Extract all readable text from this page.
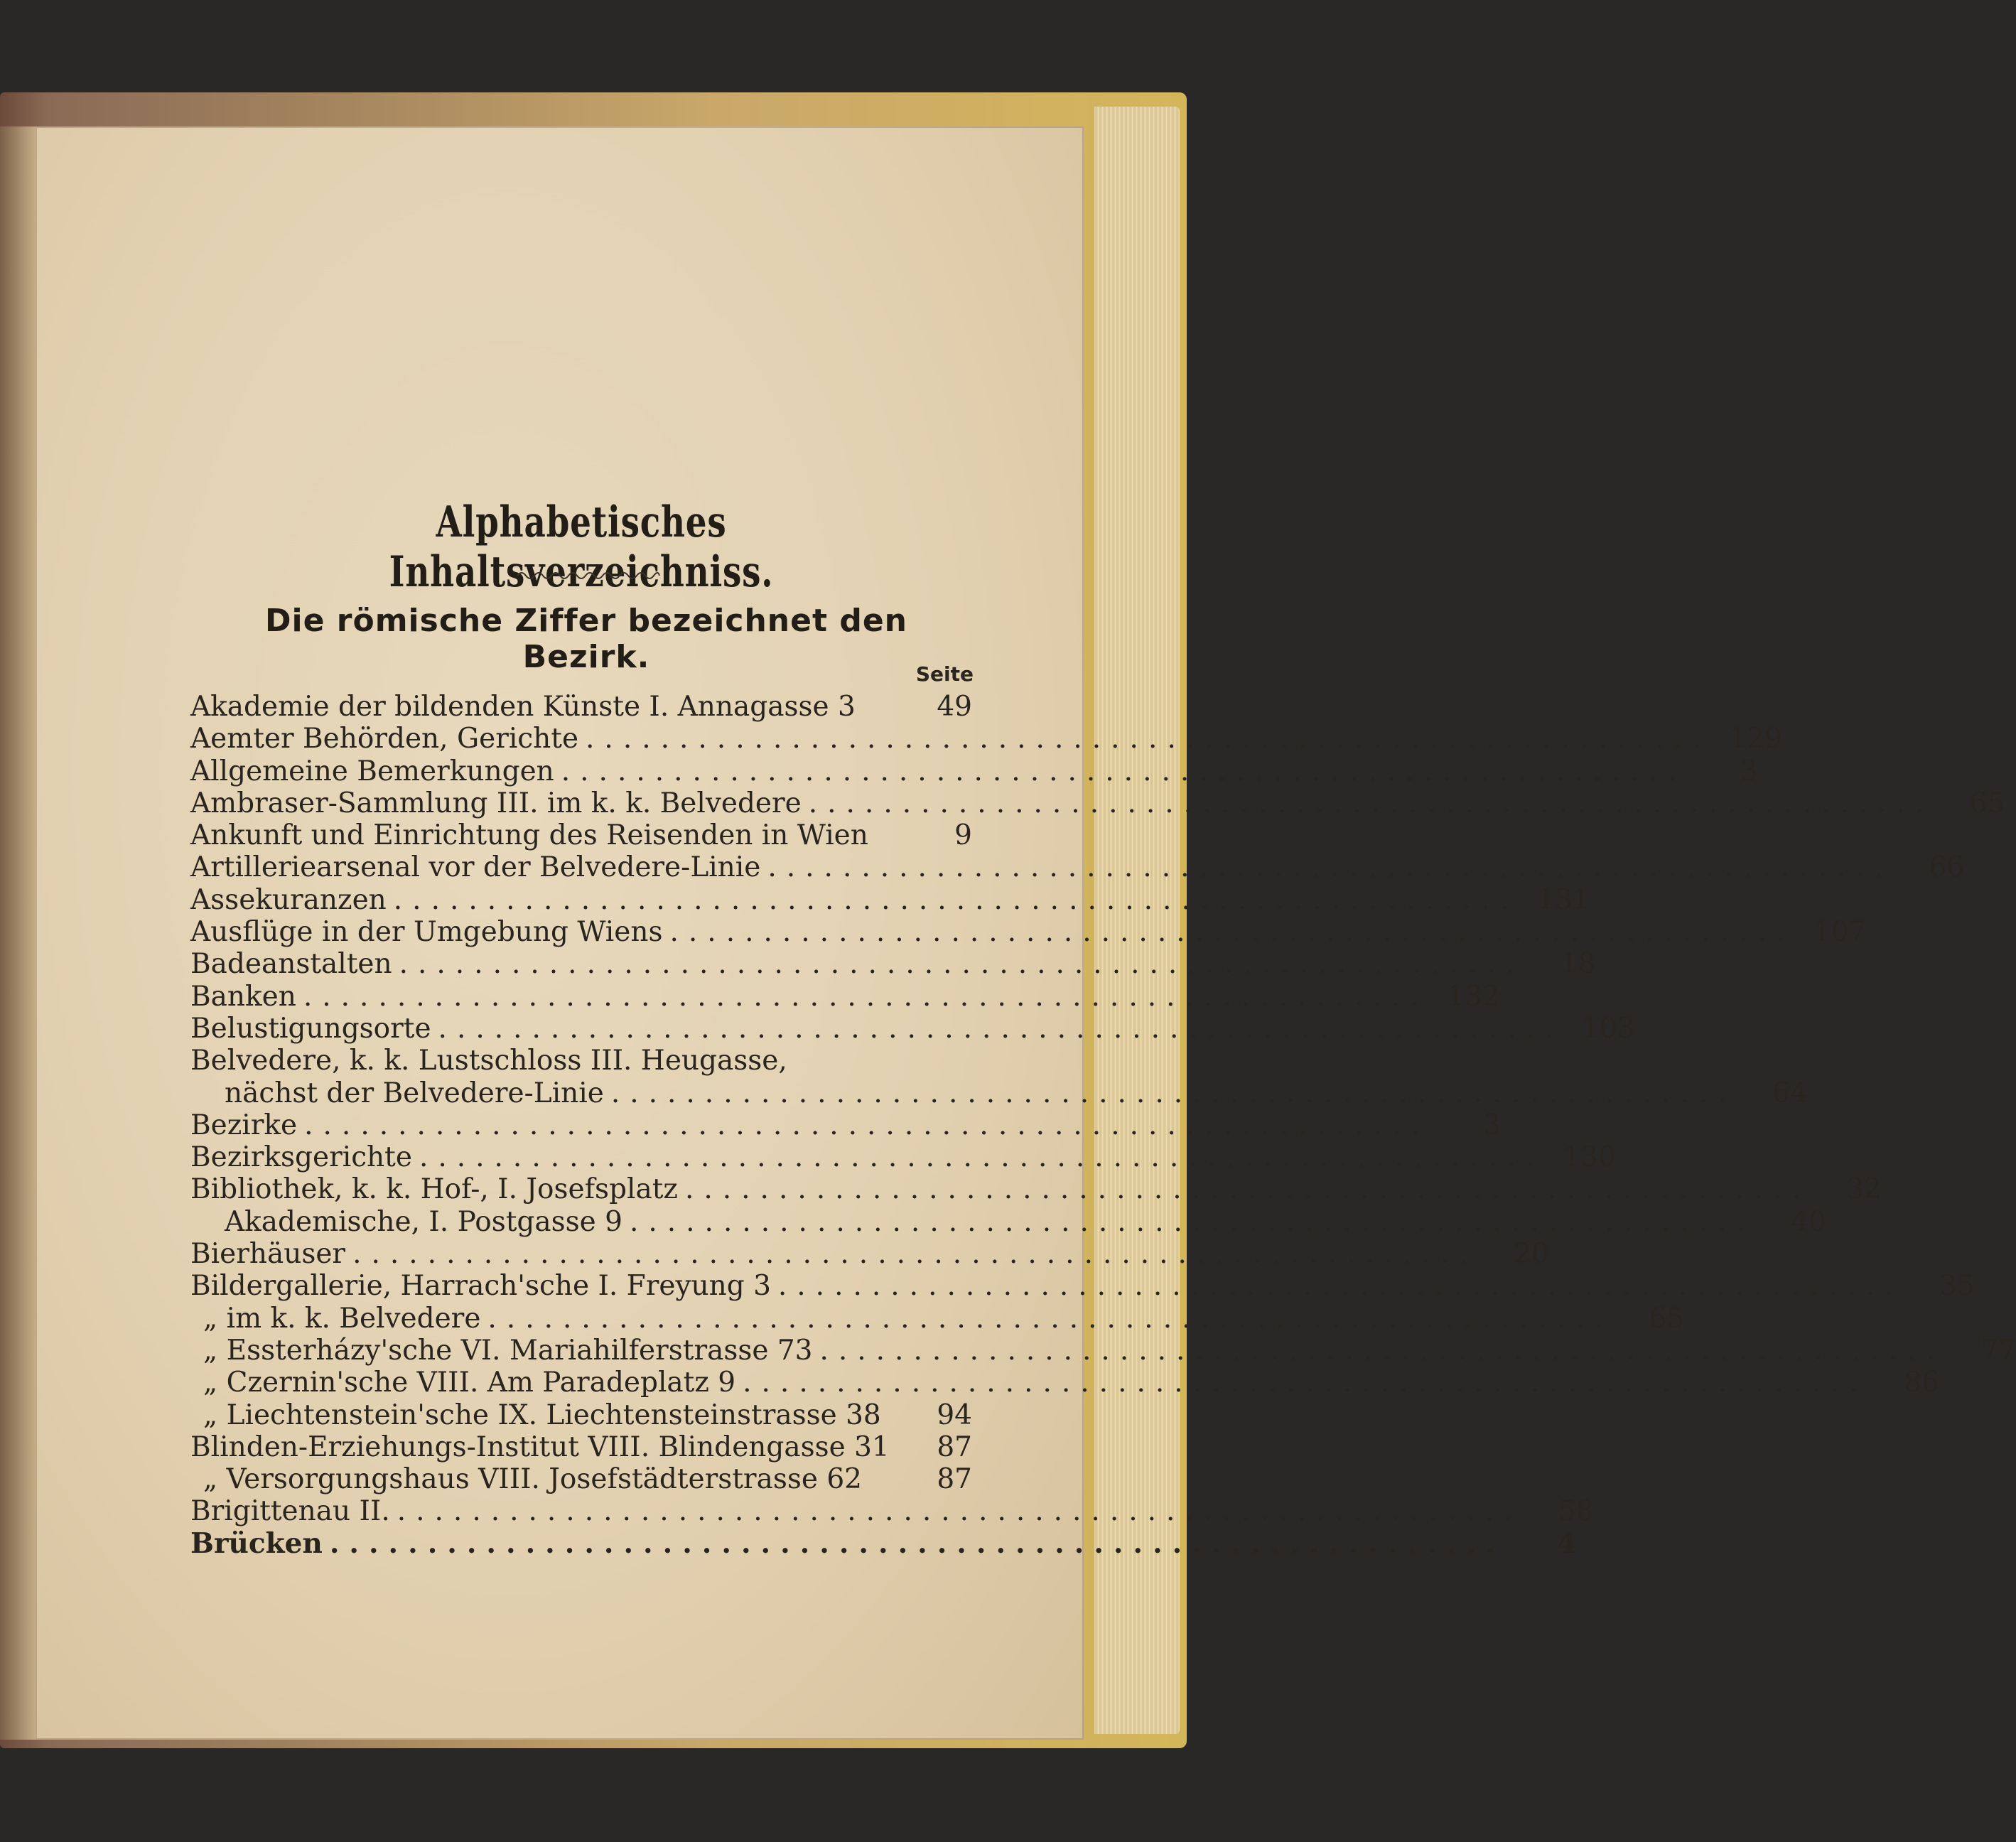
Alphabetisches Inhaltsverzeichniss.
Die römische Ziffer bezeichnet den Bezirk.	Seite
Akademie der bildenden Künste I. Annagasse 3	49
Aemter Behörden, Gerichte ............................................................ 129
Allgemeine Bemerkungen ............................................................	3
Ambraser-Sammlung III. im k. k. Belvedere ............................................................	65
Ankunft und Einrichtung des Reisenden in Wien	9
Artilleriearsenal vor der Belvedere-Linie ............................................................	66
Assekuranzen ............................................................ 131
Ausflüge in der Umgebung Wiens ............................................................ 107
Badeanstalten ............................................................	18
Banken ............................................................ 132
Belustigungsorte ............................................................ 103
Belvedere, k. k. Lustschloss III. Heugasse,
nächst der Belvedere-Linie ............................................................	64
Bezirke ............................................................	3
Bezirksgerichte ............................................................ 130
Bibliothek, k. k. Hof-, I. Josefsplatz ............................................................	32
Akademische, I. Postgasse 9 ............................................................	40
Bierhäuser ............................................................	20
Bildergallerie, Harrach'sche I. Freyung 3 ............................................................	35
„ im k. k. Belvedere ............................................................	65
„ Essterházy'sche VI. Mariahilferstrasse 73 ............................................................	77
„ Czernin'sche VIII. Am Paradeplatz 9 ............................................................	86
„ Liechtenstein'sche IX. Liechtensteinstrasse 38	94
Blinden-Erziehungs-Institut VIII. Blindengasse 31	87
„ Versorgungshaus VIII. Josefstädterstrasse 62	87
Brigittenau II. ............................................................	58
Brücken ............................................................	4
